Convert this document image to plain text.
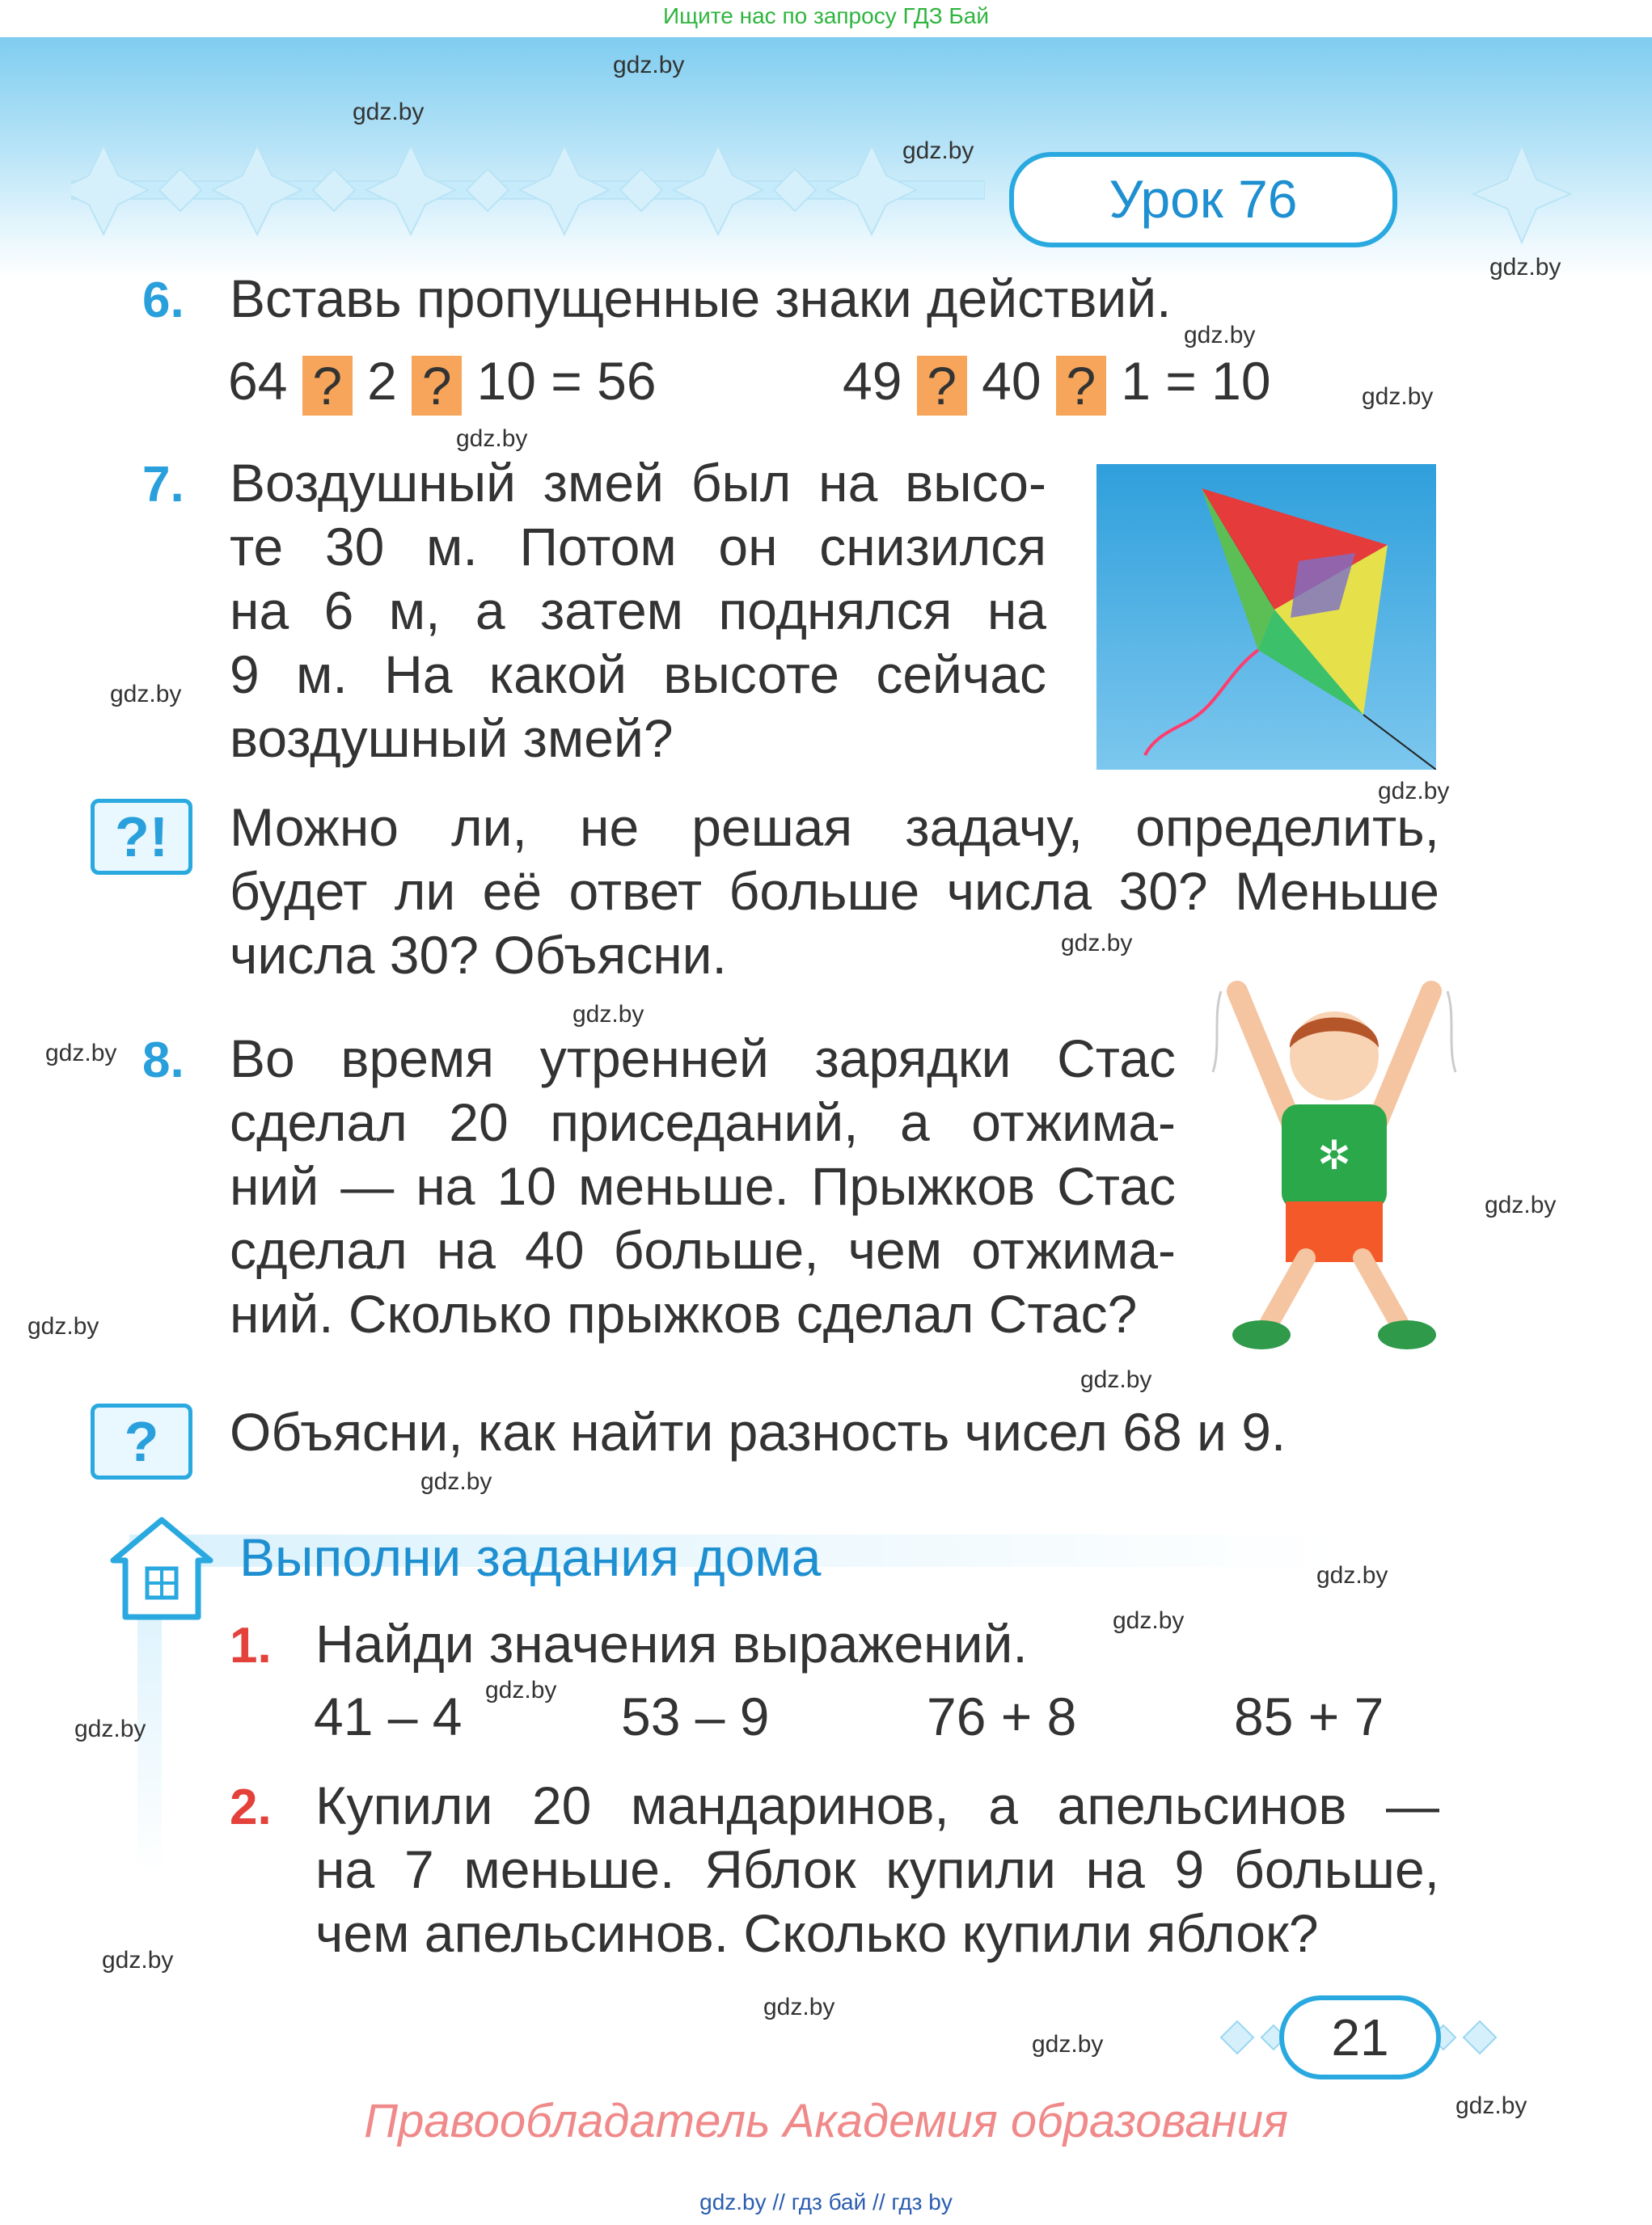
Ищите нас по запросу ГДЗ Бай
Урок 76
6. Вставь пропущенные знаки действий.
64 ? 2 ? 10 = 56	49 ? 40 ? 1 = 10
7. Воздушный змей был на высо-
те 30 м. Потом он снизился
на 6 м, а затем поднялся на
9 м. На какой высоте сейчас
воздушный змей?
?!	Можно ли, не решая задачу, определить,
будет ли её ответ больше числа 30? Меньше
числа 30? Объясни.
8. Во время утренней зарядки Стас
сделал 20 приседаний, а отжима-
ний — на 10 меньше. Прыжков Стас
сделал на 40 больше, чем отжима-
ний. Сколько прыжков сделал Стас?
✲
?	Объясни, как найти разность чисел 68 и 9.
Выполни задания дома
1. Найди значения выражений.
41 – 4	53 – 9	76 + 8	85 + 7
2. Купили 20 мандаринов, а апельсинов —
на 7 меньше. Яблок купили на 9 больше,
чем апельсинов. Сколько купили яблок?
21
Правообладатель Академия образования
gdz.by // гдз бай // гдз by
gdz.by
gdz.by
gdz.by
gdz.by
gdz.by
gdz.by
gdz.by
gdz.by
gdz.by
gdz.by
gdz.by
gdz.by
gdz.by
gdz.by
gdz.by
gdz.by
gdz.by
gdz.by
gdz.by
gdz.by
gdz.by
gdz.by
gdz.by
gdz.by
